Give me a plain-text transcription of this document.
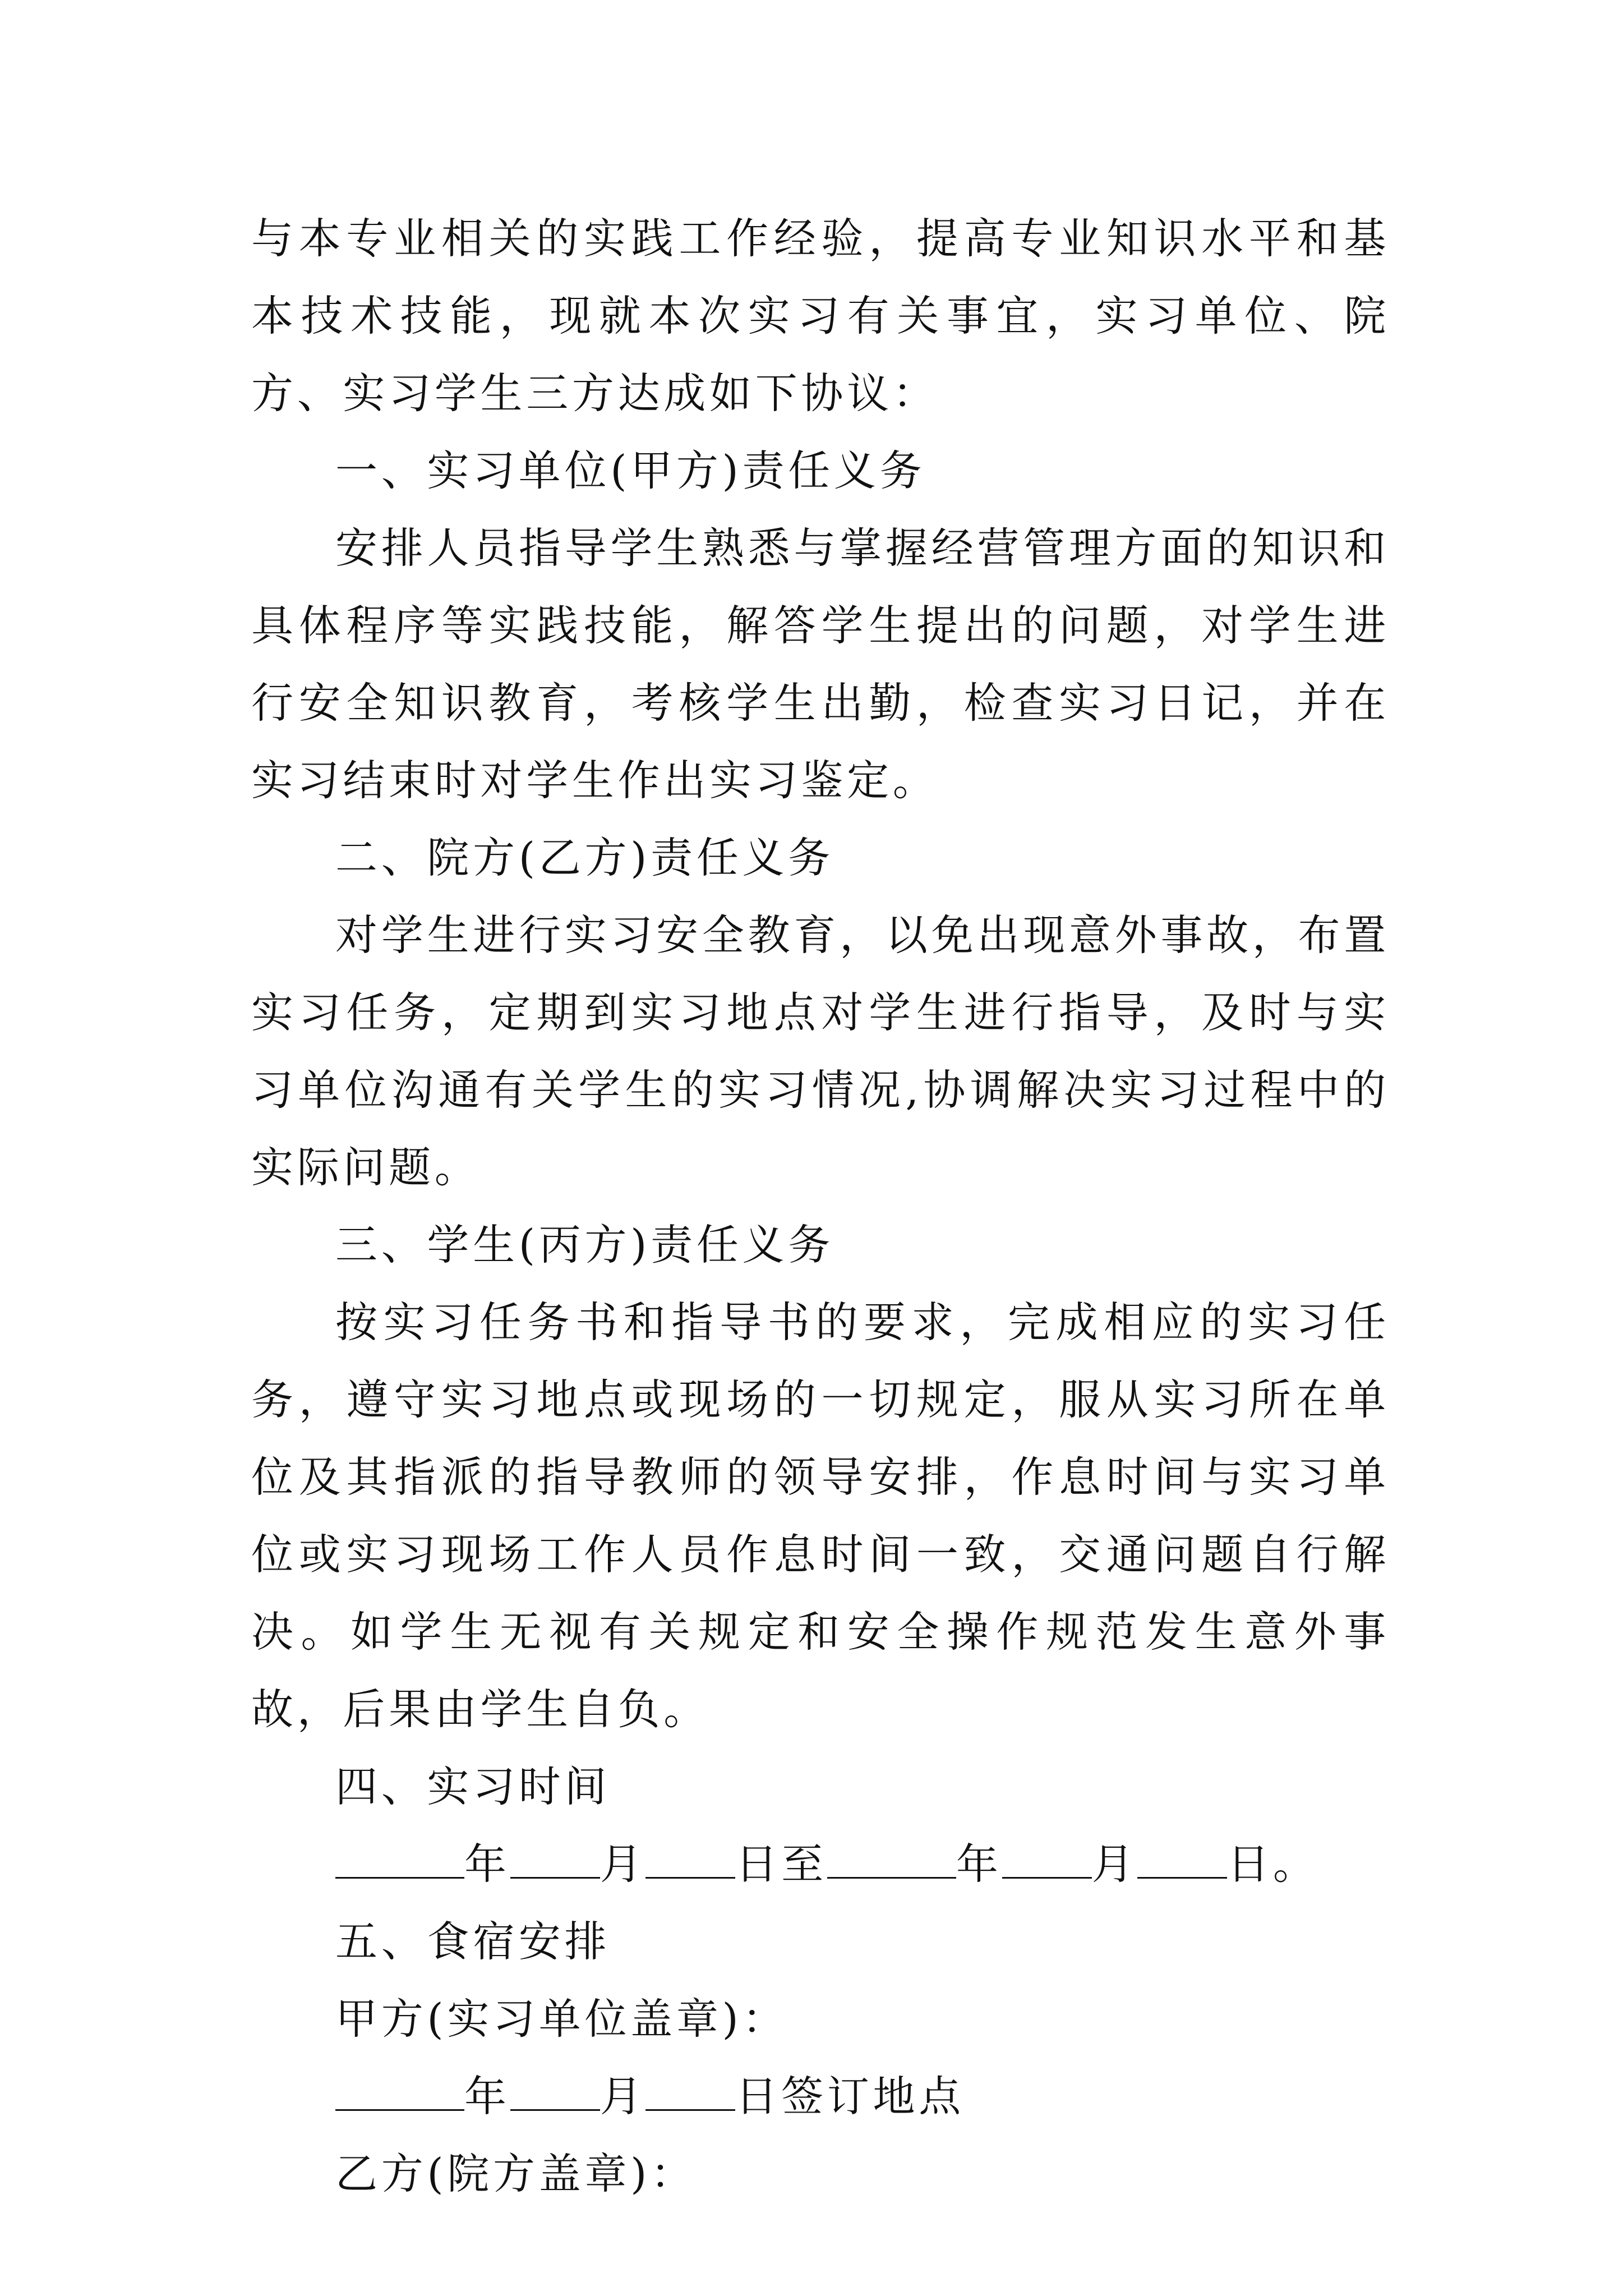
与本专业相关的实践工作经验，提高专业知识水平和基本技术技能，现就本次实习有关事宜，实习单位、院方、实习学生三方达成如下协议：

一、实习单位(甲方)责任义务

安排人员指导学生熟悉与掌握经营管理方面的知识和具体程序等实践技能，解答学生提出的问题，对学生进行安全知识教育，考核学生出勤，检查实习日记，并在实习结束时对学生作出实习鉴定。

二、院方(乙方)责任义务

对学生进行实习安全教育，以免出现意外事故，布置实习任务，定期到实习地点对学生进行指导，及时与实习单位沟通有关学生的实习情况,协调解决实习过程中的实际问题。

三、学生(丙方)责任义务

按实习任务书和指导书的要求，完成相应的实习任务，遵守实习地点或现场的一切规定，服从实习所在单位及其指派的指导教师的领导安排，作息时间与实习单位或实习现场工作人员作息时间一致，交通问题自行解决。如学生无视有关规定和安全操作规范发生意外事故，后果由学生自负。

四、实习时间

年 月 日至	年 月 日。

五、食宿安排

甲方(实习单位盖章)：

年 月 日签订地点

乙方(院方盖章)：
